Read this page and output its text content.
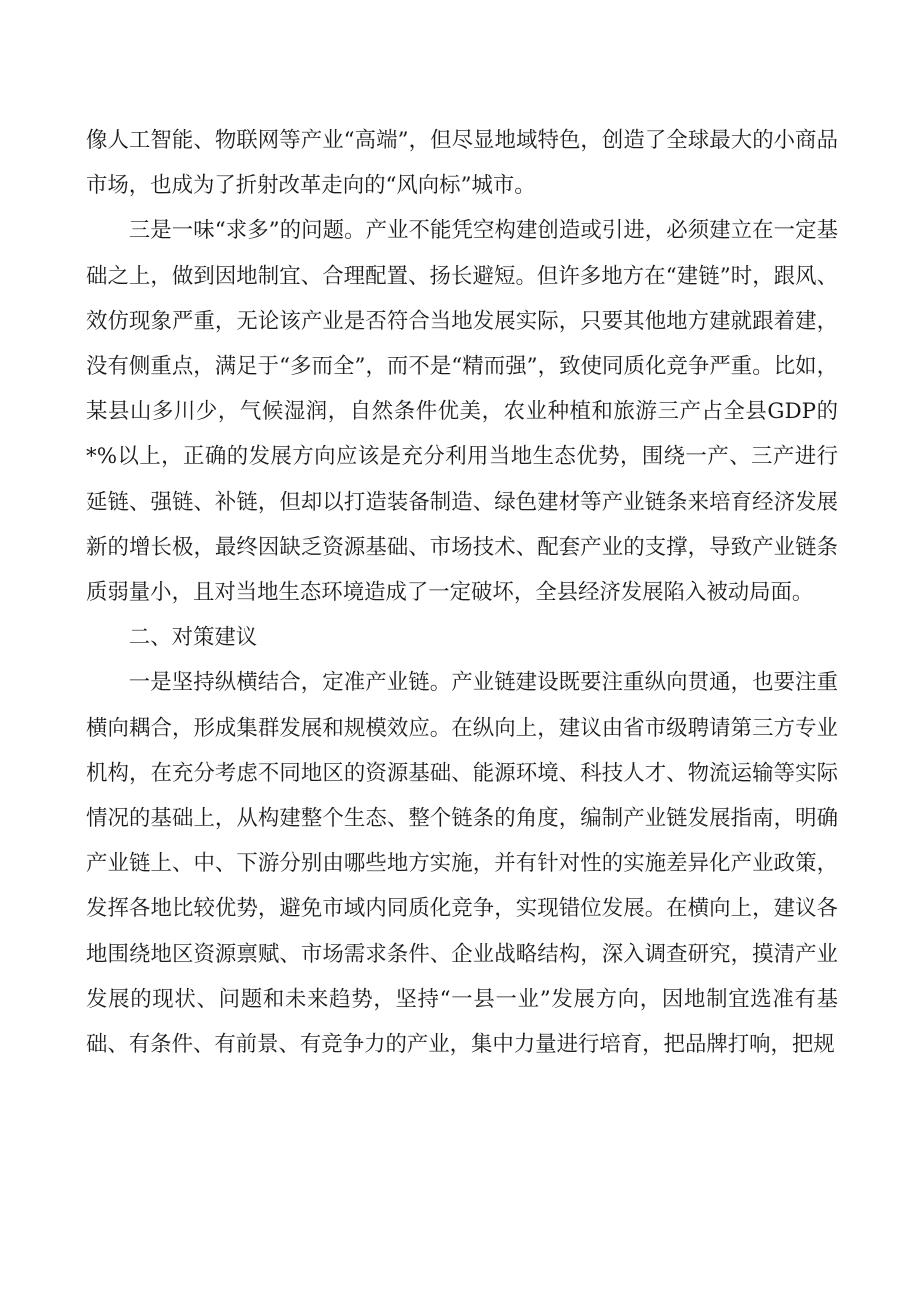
像人工智能、物联网等产业“高端”，但尽显地域特色，创造了全球最大的小商品市场，也成为了折射改革走向的“风向标”城市。

三是一味“求多”的问题。产业不能凭空构建创造或引进，必须建立在一定基础之上，做到因地制宜、合理配置、扬长避短。但许多地方在“建链”时，跟风、效仿现象严重，无论该产业是否符合当地发展实际，只要其他地方建就跟着建，没有侧重点，满足于“多而全”，而不是“精而强”，致使同质化竞争严重。比如，某县山多川少，气候湿润，自然条件优美，农业种植和旅游三产占全县GDP的*%以上，正确的发展方向应该是充分利用当地生态优势，围绕一产、三产进行延链、强链、补链，但却以打造装备制造、绿色建材等产业链条来培育经济发展新的增长极，最终因缺乏资源基础、市场技术、配套产业的支撑，导致产业链条质弱量小，且对当地生态环境造成了一定破坏，全县经济发展陷入被动局面。

二、对策建议

一是坚持纵横结合，定准产业链。产业链建设既要注重纵向贯通，也要注重横向耦合，形成集群发展和规模效应。在纵向上，建议由省市级聘请第三方专业机构，在充分考虑不同地区的资源基础、能源环境、科技人才、物流运输等实际情况的基础上，从构建整个生态、整个链条的角度，编制产业链发展指南，明确产业链上、中、下游分别由哪些地方实施，并有针对性的实施差异化产业政策，发挥各地比较优势，避免市域内同质化竞争，实现错位发展。在横向上，建议各地围绕地区资源禀赋、市场需求条件、企业战略结构，深入调查研究，摸清产业发展的现状、问题和未来趋势，坚持“一县一业”发展方向，因地制宜选准有基础、有条件、有前景、有竞争力的产业，集中力量进行培育，把品牌打响，把规
